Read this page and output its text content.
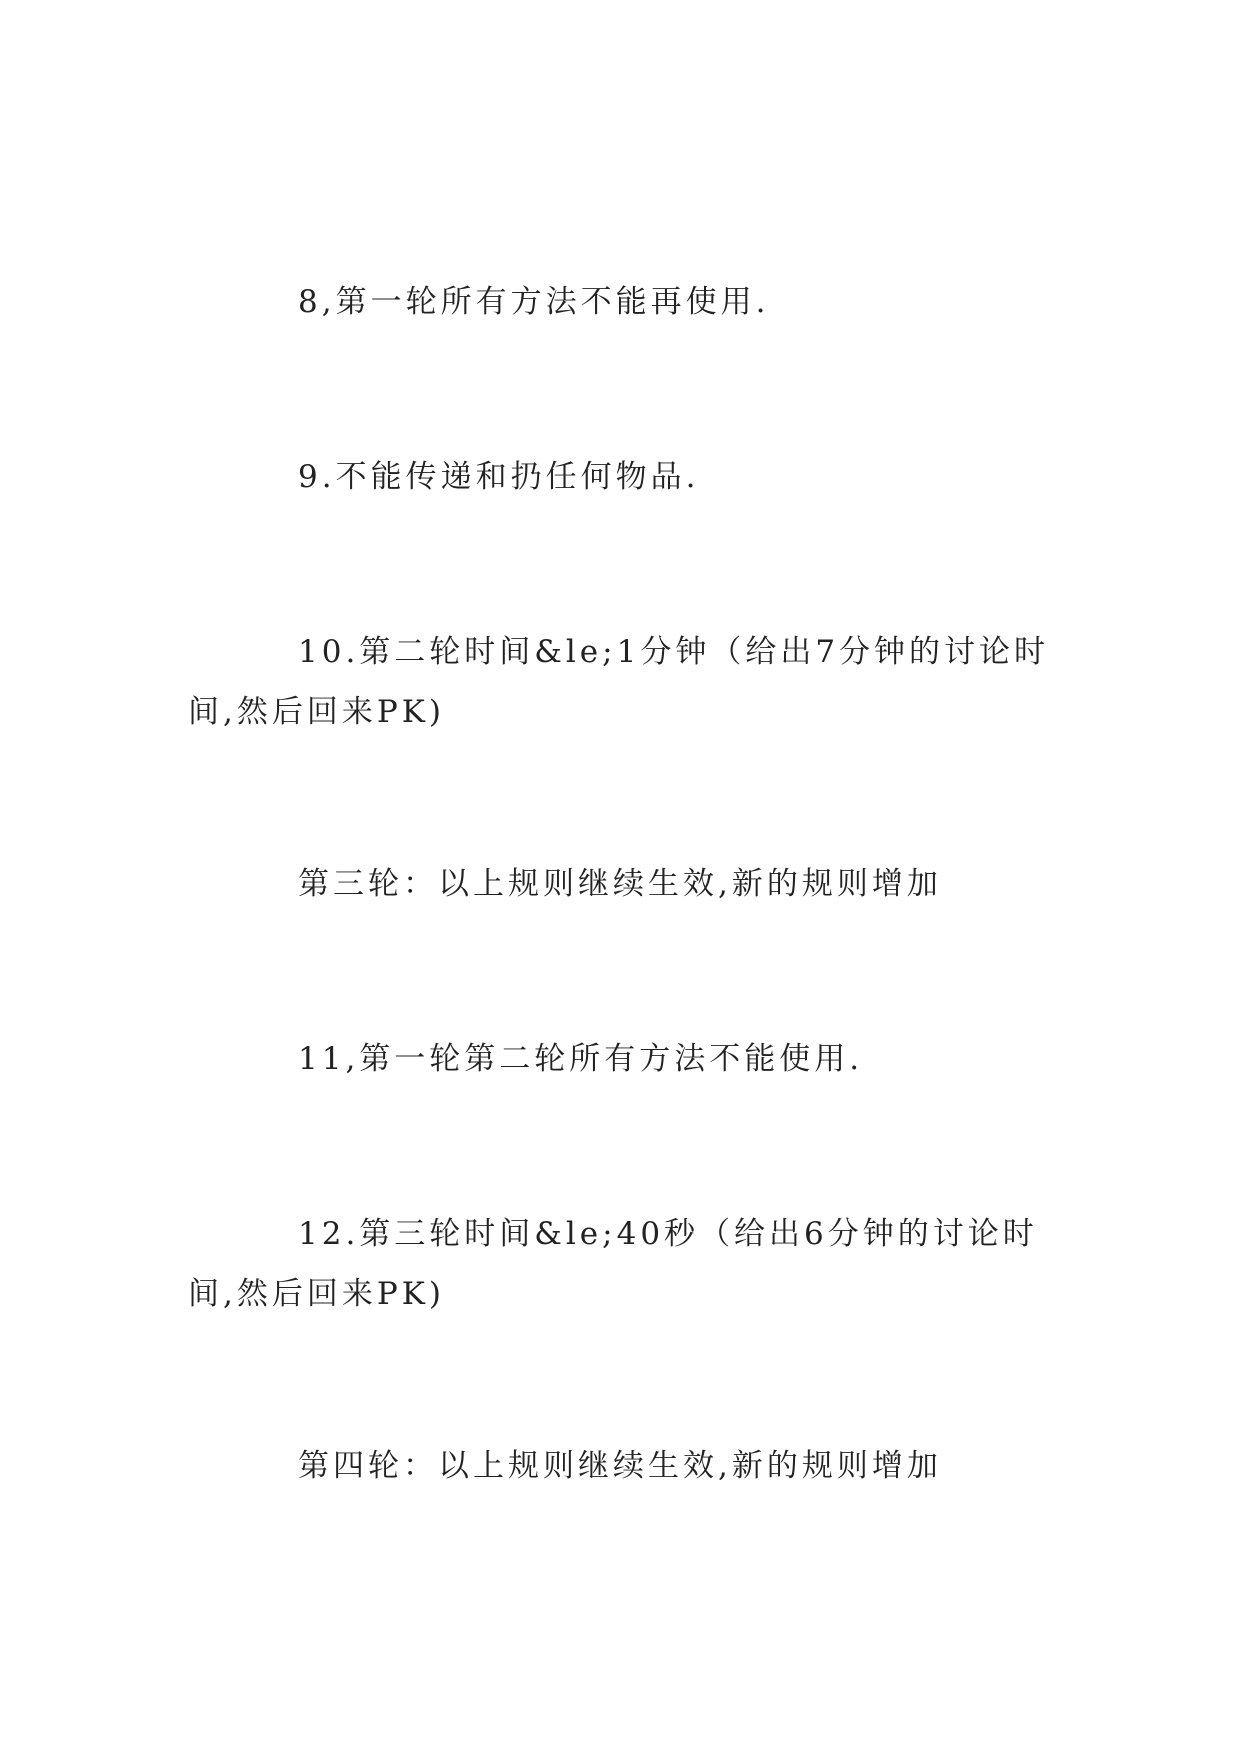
8,第一轮所有方法不能再使用.

9.不能传递和扔任何物品.

10.第二轮时间&le;1分钟（给出7分钟的讨论时间,然后回来PK)

第三轮：以上规则继续生效,新的规则增加

11,第一轮第二轮所有方法不能使用.

12.第三轮时间&le;40秒（给出6分钟的讨论时间,然后回来PK)

第四轮：以上规则继续生效,新的规则增加
